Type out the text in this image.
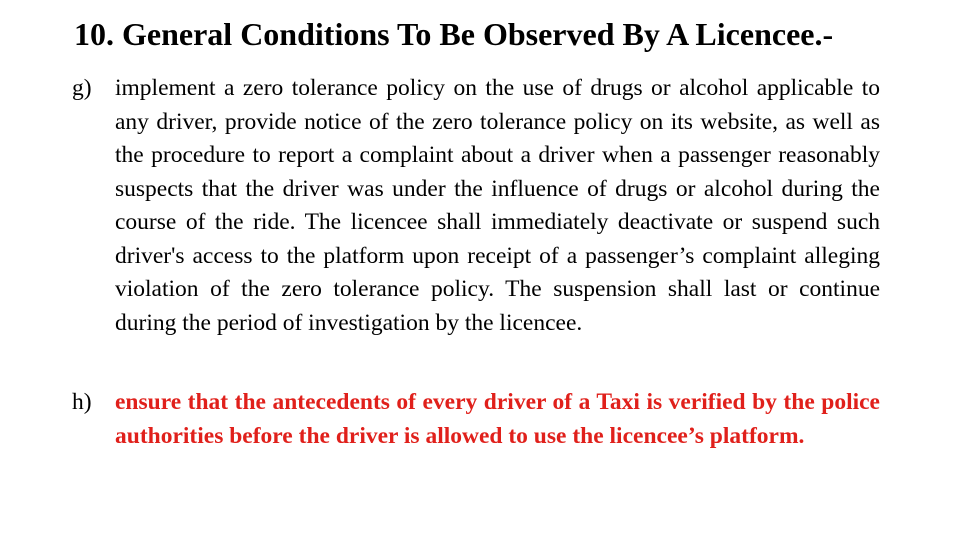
10. General Conditions To Be Observed By A Licencee.-
g) implement a zero tolerance policy on the use of drugs or alcohol applicable to any driver, provide notice of the zero tolerance policy on its website, as well as the procedure to report a complaint about a driver when a passenger reasonably suspects that the driver was under the influence of drugs or alcohol during the course of the ride. The licencee shall immediately deactivate or suspend such driver's access to the platform upon receipt of a passenger’s complaint alleging violation of the zero tolerance policy. The suspension shall last or continue during the period of investigation by the licencee.
h) ensure that the antecedents of every driver of a Taxi is verified by the police authorities before the driver is allowed to use the licencee’s platform.
